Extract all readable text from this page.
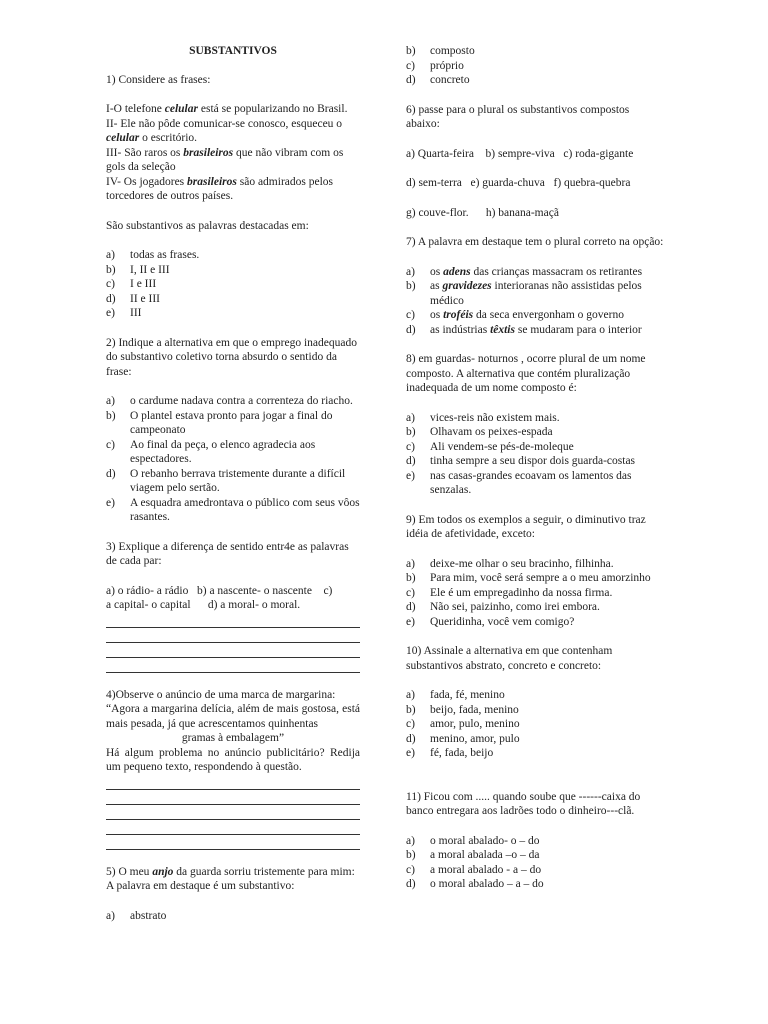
SUBSTANTIVOS

1) Considere as frases:

I-O telefone celular está se popularizando no Brasil.

II- Ele não pôde comunicar-se conosco, esqueceu o celular o escritório.

III- São raros os brasileiros que não vibram com os gols da seleção

IV- Os jogadores brasileiros são admirados pelos torcedores de outros países.

São substantivos as palavras destacadas em:

a)	todas as frases.
b)	I, II e III
c)	I e III
d)	II e III
e)	III

2) Indique a alternativa em que o emprego inadequado do substantivo coletivo torna absurdo o sentido da frase:

a)	o cardume nadava contra a correnteza do riacho.
b)	O plantel estava pronto para jogar a final do campeonato
c)	Ao final da peça, o elenco agradecia aos espectadores.
d)	O rebanho berrava tristemente durante a difícil viagem pelo sertão.
e)	A esquadra amedrontava o público com seus vôos rasantes.

3) Explique a diferença de sentido entr4e as palavras de cada par:

a) o rádio- a rádio   b) a nascente- o nascente    c)

a capital- o capital      d) a moral- o moral.

4)Observe o anúncio de uma marca de margarina:

“Agora a margarina delícia, além de mais gostosa, está mais pesada, já que acrescentamos quinhentas

gramas à embalagem”

Há algum problema no anúncio publicitário? Redija um pequeno texto, respondendo à questão.

5) O meu anjo da guarda sorriu tristemente para mim:

A palavra em destaque é um substantivo:

a)	abstrato
b)	composto
c)	próprio
d)	concreto

6) passe para o plural os substantivos compostos abaixo:

a) Quarta-feira    b) sempre-viva   c) roda-gigante

d) sem-terra   e) guarda-chuva   f) quebra-quebra

g) couve-flor.      h) banana-maçã

7) A palavra em destaque tem o plural correto na opção:

a)	os adens das crianças massacram os retirantes
b)	as gravidezes interioranas não assistidas pelos médico
c)	os troféis da seca envergonham o governo
d)	as indústrias têxtis se mudaram para o interior

8) em guardas- noturnos , ocorre plural de um nome composto. A alternativa que contém pluralização inadequada de um nome composto é:

a)	vices-reis não existem mais.
b)	Olhavam os peixes-espada
c)	Ali vendem-se pés-de-moleque
d)	tinha sempre a seu dispor dois guarda-costas
e)	nas casas-grandes ecoavam os lamentos das senzalas.

9) Em todos os exemplos a seguir, o diminutivo traz idéia de afetividade, exceto:

a)	deixe-me olhar o seu bracinho, filhinha.
b)	Para mim, você será sempre a o meu amorzinho
c)	Ele é um empregadinho da nossa firma.
d)	Não sei, paizinho, como irei embora.
e)	Queridinha, você vem comigo?

10) Assinale a alternativa em que contenham substantivos abstrato, concreto e concreto:

a)	fada, fé, menino
b)	beijo, fada, menino
c)	amor, pulo, menino
d)	menino, amor, pulo
e)	fé, fada, beijo

11) Ficou com ..... quando soube que ------caixa do banco entregara aos ladrões todo o dinheiro---clã.

a)	o moral abalado- o – do
b)	a moral abalada –o – da
c)	a moral abalado - a – do
d)	o moral abalado – a – do
